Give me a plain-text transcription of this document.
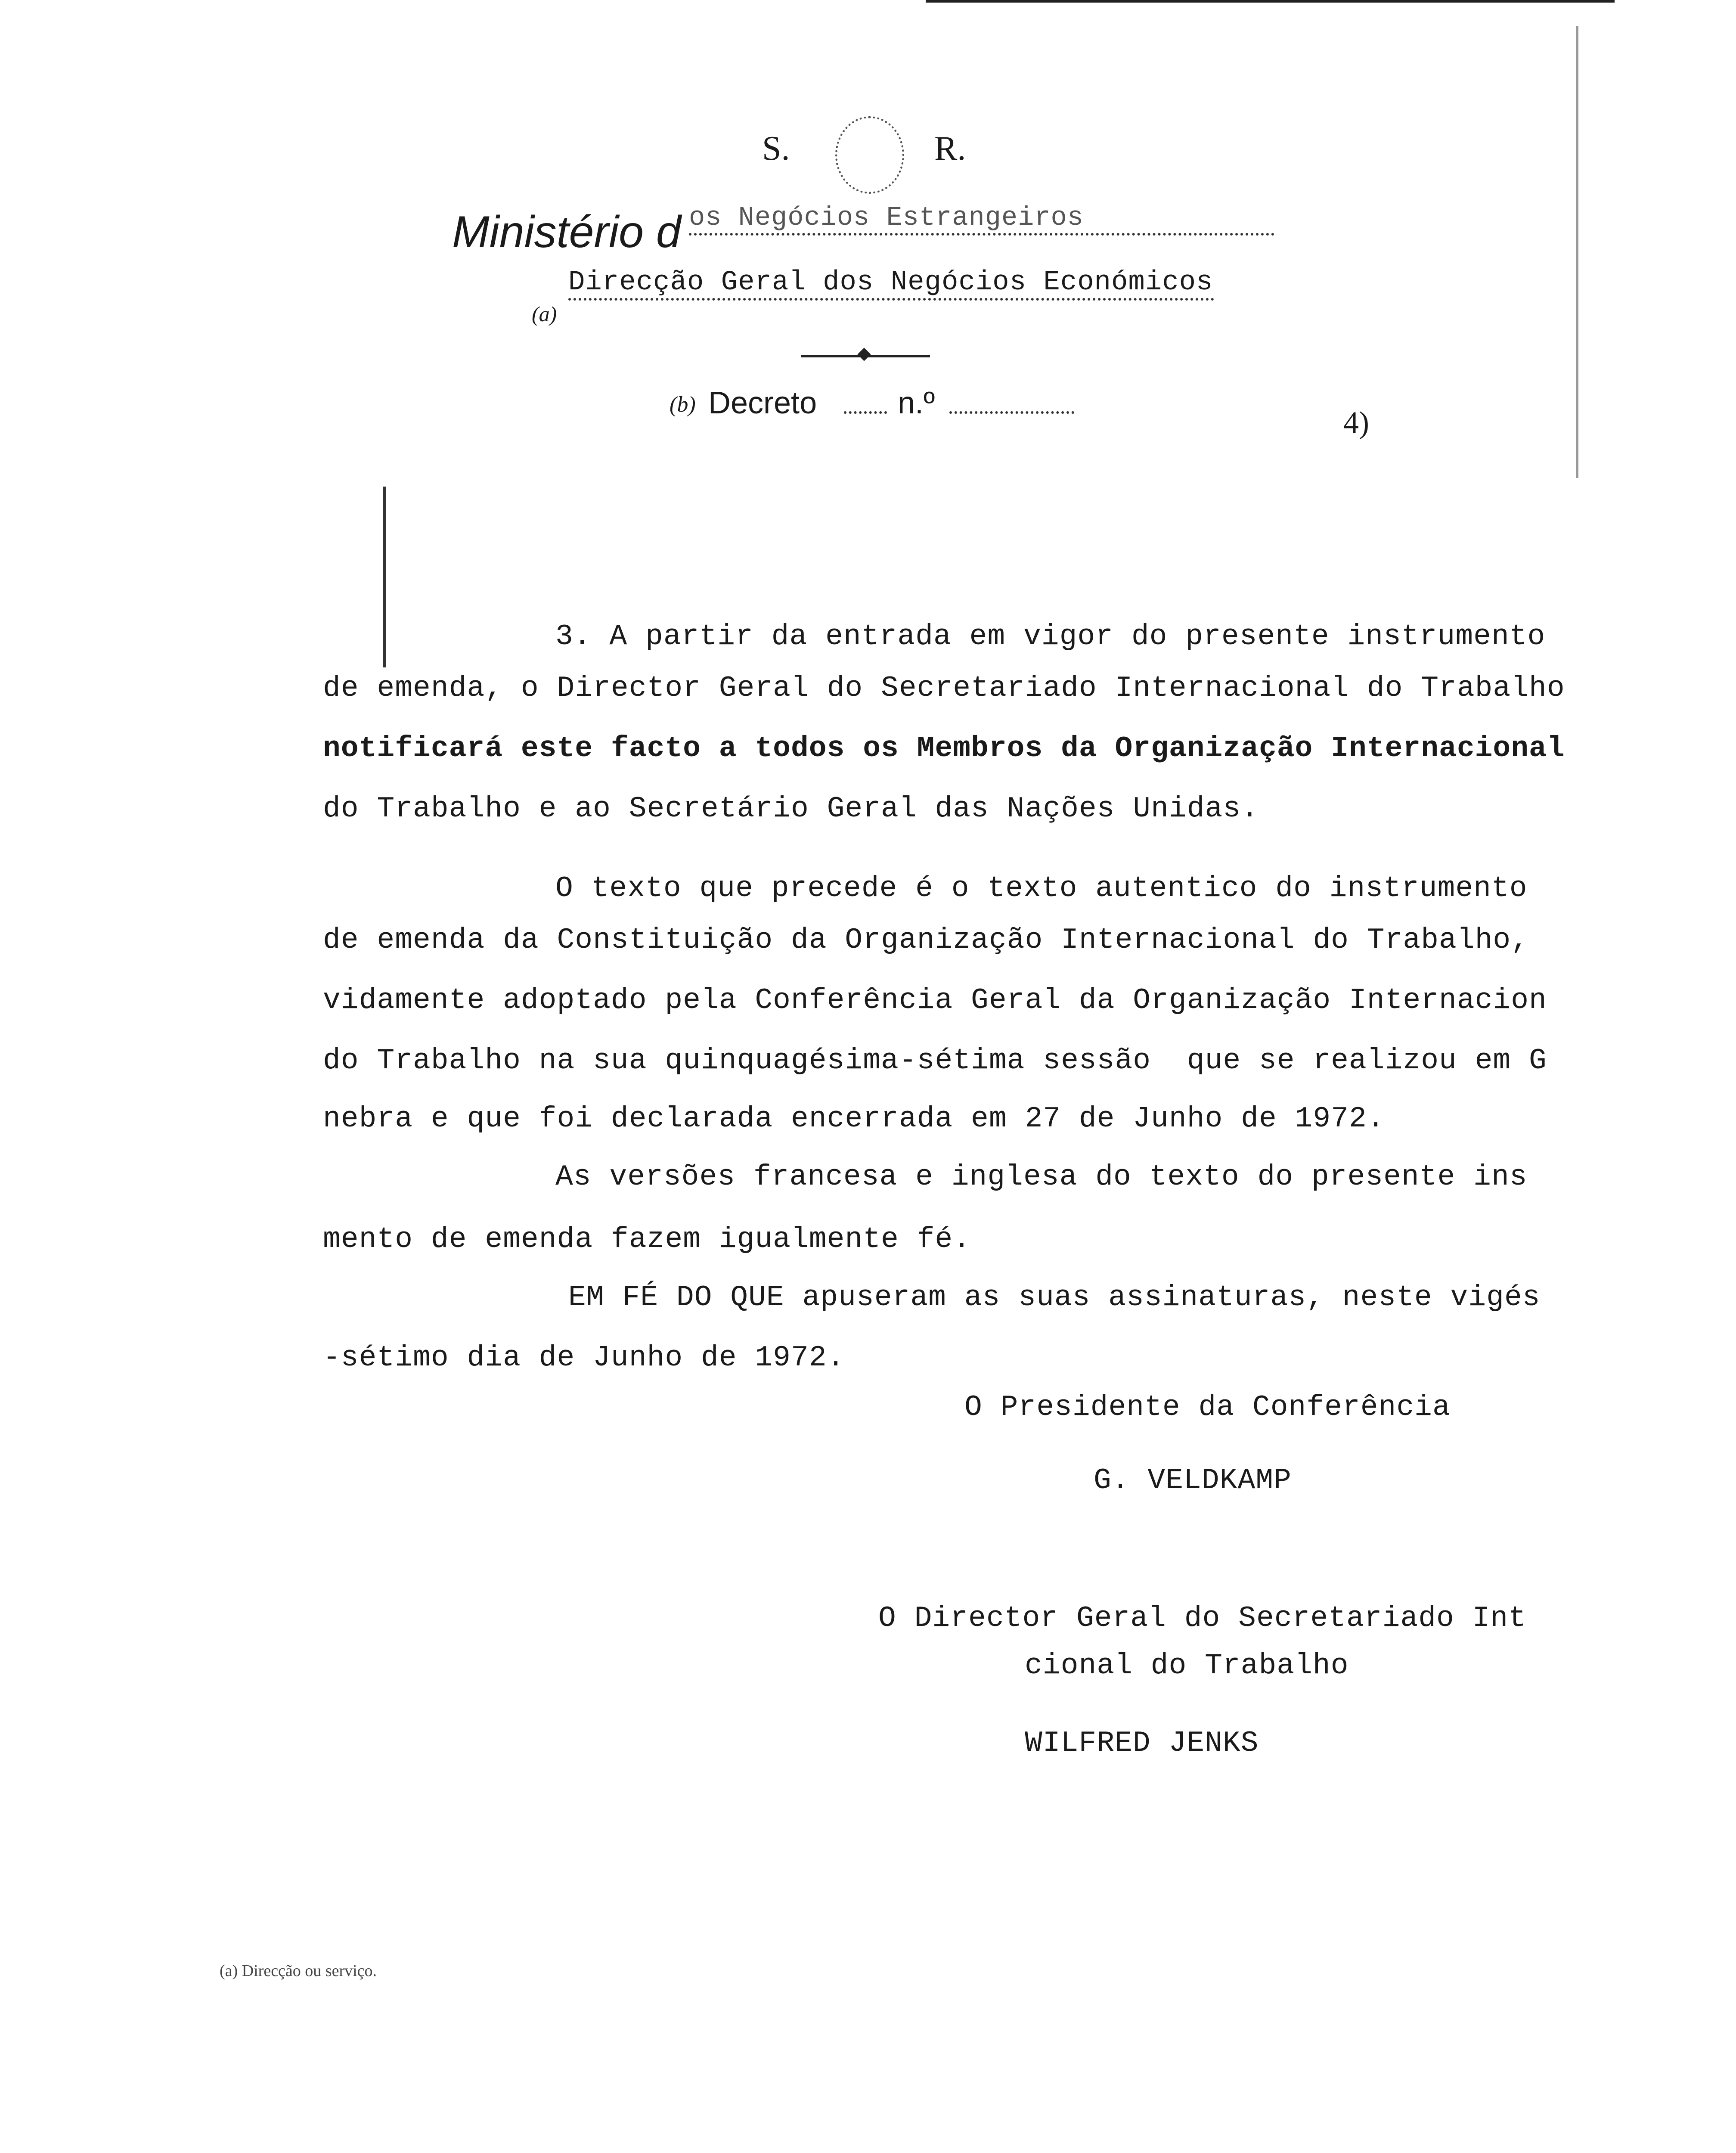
S.	R.
Ministério d os Negócios Estrangeiros
(a)
Direcção Geral dos Negócios Económicos
(b) Decreto	n.º
4)
3. A partir da entrada em vigor do presente instrumento
de emenda, o Director Geral do Secretariado Internacional do Trabalho
notificará este facto a todos os Membros da Organização Internacional
do Trabalho e ao Secretário Geral das Nações Unidas.
O texto que precede é o texto autentico do instrumento
de emenda da Constituição da Organização Internacional do Trabalho,
vidamente adoptado pela Conferência Geral da Organização Internacion
do Trabalho na sua quinquagésima-sétima sessão  que se realizou em G
nebra e que foi declarada encerrada em 27 de Junho de 1972.
As versões francesa e inglesa do texto do presente ins
mento de emenda fazem igualmente fé.
EM FÉ DO QUE apuseram as suas assinaturas, neste vigés
-sétimo dia de Junho de 1972.
O Presidente da Conferência
G. VELDKAMP
O Director Geral do Secretariado Int
cional do Trabalho
WILFRED JENKS
(a) Direcção ou serviço.
